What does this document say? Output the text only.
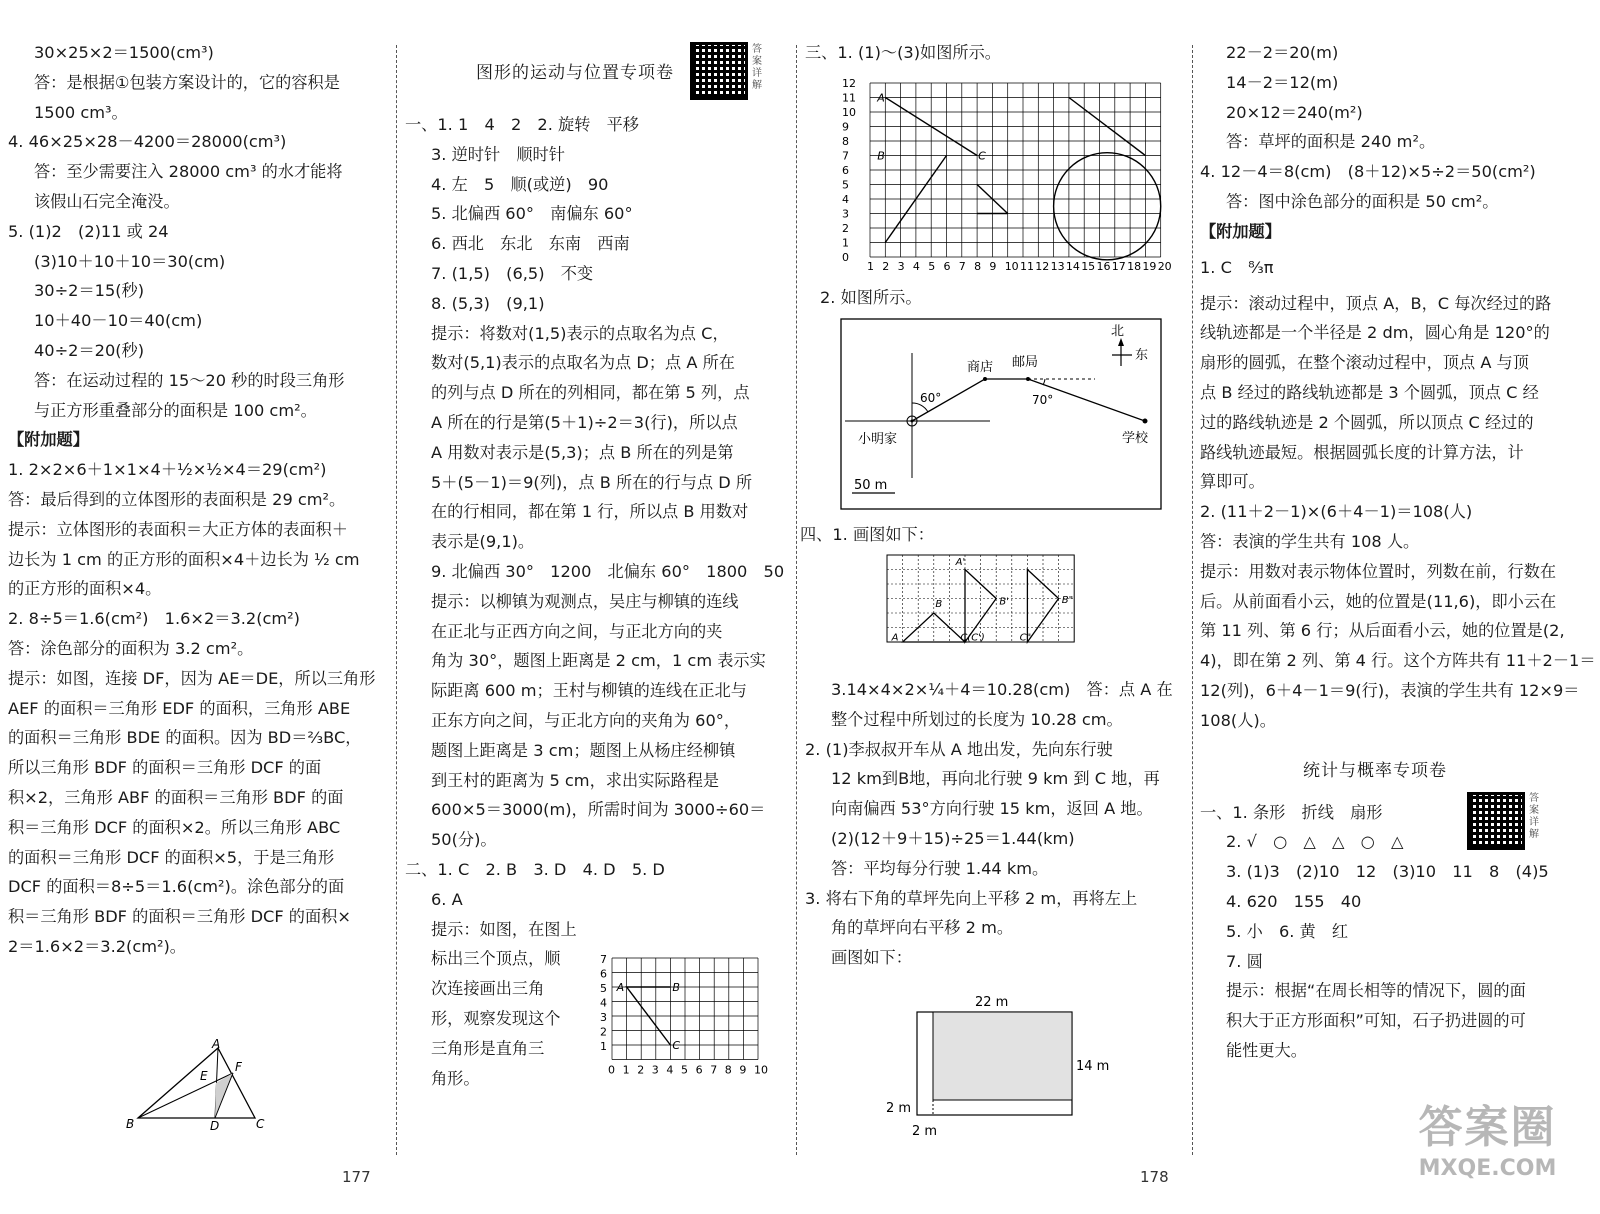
30×25×2＝1500(cm³)
答：是根据①包装方案设计的，它的容积是
1500 cm³。
4. 46×25×28－4200＝28000(cm³)
答：至少需要注入 28000 cm³ 的水才能将
该假山石完全淹没。
5. (1)2　(2)11 或 24
(3)10＋10＋10＝30(cm)
30÷2＝15(秒)
10＋40－10＝40(cm)
40÷2＝20(秒)
答：在运动过程的 15～20 秒的时段三角形
与正方形重叠部分的面积是 100 cm²。
【附加题】
1. 2×2×6＋1×1×4＋½×½×4＝29(cm²)
答：最后得到的立体图形的表面积是 29 cm²。
提示：立体图形的表面积＝大正方体的表面积＋
边长为 1 cm 的正方形的面积×4＋边长为 ½ cm
的正方形的面积×4。
2. 8÷5＝1.6(cm²)　1.6×2＝3.2(cm²)
答：涂色部分的面积为 3.2 cm²。
提示：如图，连接 DF，因为 AE＝DE，所以三角形
AEF 的面积＝三角形 EDF 的面积，三角形 ABE
的面积＝三角形 BDE 的面积。因为 BD＝⅔BC，
所以三角形 BDF 的面积＝三角形 DCF 的面
积×2，三角形 ABF 的面积＝三角形 BDF 的面
积＝三角形 DCF 的面积×2。所以三角形 ABC
的面积＝三角形 DCF 的面积×5，于是三角形
DCF 的面积＝8÷5＝1.6(cm²)。涂色部分的面
积＝三角形 BDF 的面积＝三角形 DCF 的面积×
2＝1.6×2＝3.2(cm²)。
A
E
F
B	D	C
图形的运动与位置专项卷
一、1. 1　4　2　2. 旋转　平移
3. 逆时针　顺时针
4. 左　5　顺(或逆)　90
5. 北偏西 60°　南偏东 60°
6. 西北　东北　东南　西南
7. (1,5)　(6,5)　不变
8. (5,3)　(9,1)
提示：将数对(1,5)表示的点取名为点 C，
数对(5,1)表示的点取名为点 D；点 A 所在
的列与点 D 所在的列相同，都在第 5 列，点
A 所在的行是第(5＋1)÷2＝3(行)，所以点
A 用数对表示是(5,3)；点 B 所在的列是第
5＋(5－1)＝9(列)，点 B 所在的行与点 D 所
在的行相同，都在第 1 行，所以点 B 用数对
表示是(9,1)。
9. 北偏西 30°　1200　北偏东 60°　1800　50
提示：以柳镇为观测点，吴庄与柳镇的连线
在正北与正西方向之间，与正北方向的夹
角为 30°，题图上距离是 2 cm，1 cm 表示实
际距离 600 m；王村与柳镇的连线在正北与
正东方向之间，与正北方向的夹角为 60°，
题图上距离是 3 cm；题图上从杨庄经柳镇
到王村的距离为 5 cm，求出实际路程是
600×5＝3000(m)，所需时间为 3000÷60＝
50(分)。
二、1. C　2. B　3. D　4. D　5. D
6. A
提示：如图，在图上
标出三个顶点，顺
次连接画出三角
形，观察发现这个
三角形是直角三
角形。
答案详解
1
2
3
4
5
6
7
0 1 2 3 4 5 6 7 8 9 10
A	B
C
三、1. (1)～(3)如图所示。
0
1
2
3
4
5
6
7
8
9
10
11
12
1 2 3 4 5 6 7 8 9 10 11 12 13 14 15 16 17 18 19 20
A
B	C
2. 如图所示。
北
东
商店 邮局
小明家	学校
50 m
60°	70°
四、1. 画图如下：
A
B
A'
B'
C(C')	C"
B"
3.14×4×2×¼＋4＝10.28(cm)　答：点 A 在
整个过程中所划过的长度为 10.28 cm。
2. (1)李叔叔开车从 A 地出发，先向东行驶
12 km到B地，再向北行驶 9 km 到 C 地，再
向南偏西 53°方向行驶 15 km，返回 A 地。
(2)(12＋9＋15)÷25＝1.44(km)
答：平均每分行驶 1.44 km。
3. 将右下角的草坪先向上平移 2 m，再将左上
角的草坪向右平移 2 m。
画图如下：
22 m
14 m
2 m
2 m
22－2＝20(m)
14－2＝12(m)
20×12＝240(m²)
答：草坪的面积是 240 m²。
4. 12－4＝8(cm)　(8＋12)×5÷2＝50(cm²)
答：图中涂色部分的面积是 50 cm²。
【附加题】
1. C　⁸⁄₃π
提示：滚动过程中，顶点 A，B，C 每次经过的路
线轨迹都是一个半径是 2 dm，圆心角是 120°的
扇形的圆弧，在整个滚动过程中，顶点 A 与顶
点 B 经过的路线轨迹都是 3 个圆弧，顶点 C 经
过的路线轨迹是 2 个圆弧，所以顶点 C 经过的
路线轨迹最短。根据圆弧长度的计算方法，计
算即可。
2. (11＋2－1)×(6＋4－1)＝108(人)
答：表演的学生共有 108 人。
提示：用数对表示物体位置时，列数在前，行数在
后。从前面看小云，她的位置是(11,6)，即小云在
第 11 列、第 6 行；从后面看小云，她的位置是(2,
4)，即在第 2 列、第 4 行。这个方阵共有 11＋2－1＝
12(列)，6＋4－1＝9(行)，表演的学生共有 12×9＝
108(人)。
统计与概率专项卷
一、1. 条形　折线　扇形
2. √　○　△　△　○　△
3. (1)3　(2)10　12　(3)10　11　8　(4)5
4. 620　155　40
5. 小　6. 黄　红
7. 圆
提示：根据“在周长相等的情况下，圆的面
积大于正方形面积”可知，石子扔进圆的可
能性更大。
答案详解
177	178
答案圈
MXQE.COM
